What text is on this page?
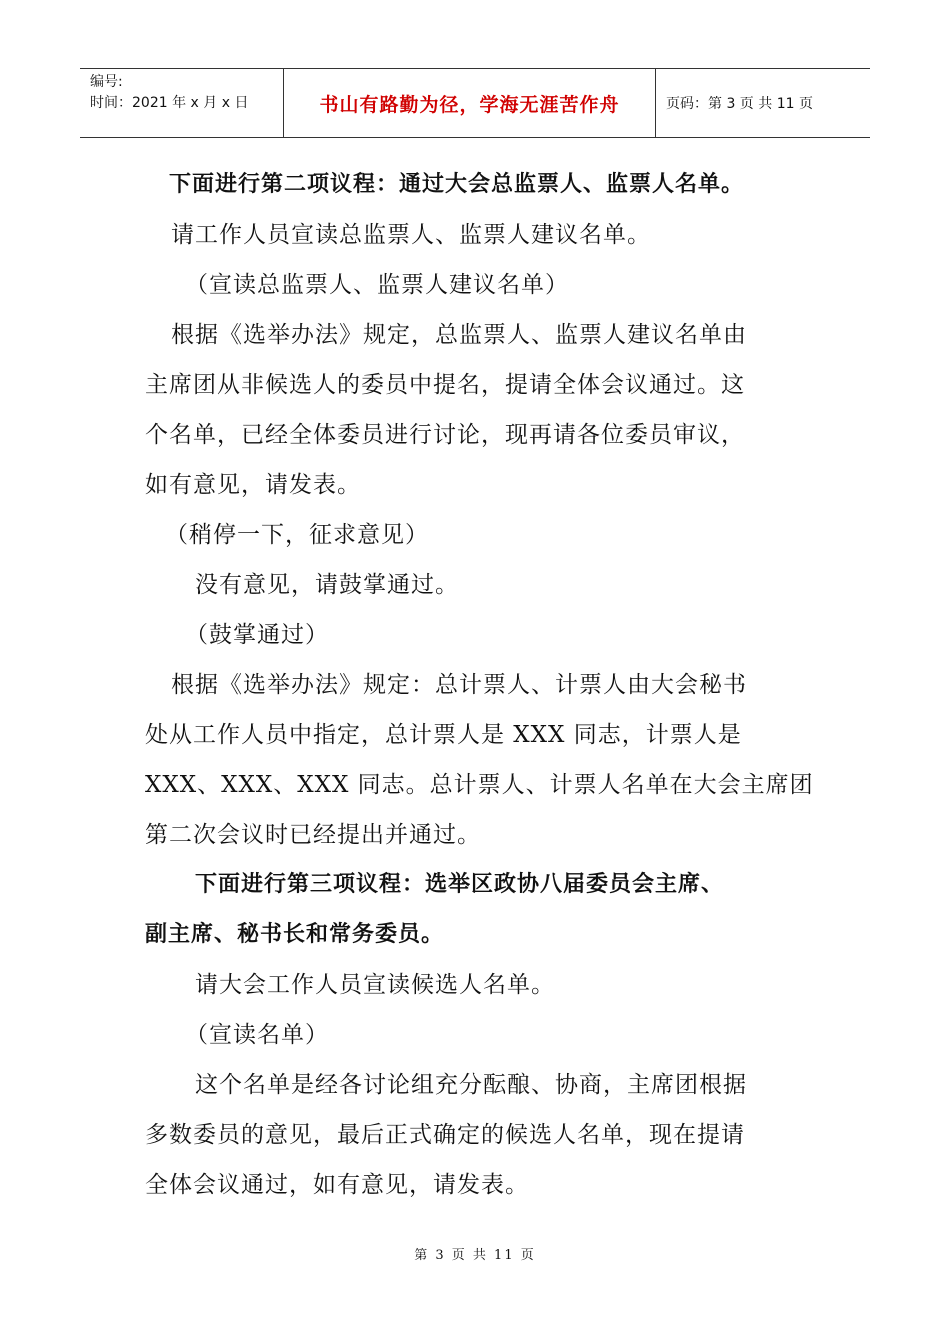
编号:
时间：2021 年 x 月 x 日	书山有路勤为径，学海无涯苦作舟	页码：第 3 页 共 11 页
下面进行第二项议程：通过大会总监票人、监票人名单。
请工作人员宣读总监票人、监票人建议名单。
（宣读总监票人、监票人建议名单）
根据《选举办法》规定，总监票人、监票人建议名单由
主席团从非候选人的委员中提名，提请全体会议通过。这
个名单，已经全体委员进行讨论，现再请各位委员审议，
如有意见，请发表。
（稍停一下，征求意见）
没有意见，请鼓掌通过。
（鼓掌通过）
根据《选举办法》规定：总计票人、计票人由大会秘书
处从工作人员中指定，总计票人是 XXX 同志，计票人是
XXX、XXX、XXX 同志。总计票人、计票人名单在大会主席团
第二次会议时已经提出并通过。
下面进行第三项议程：选举区政协八届委员会主席、
副主席、秘书长和常务委员。
请大会工作人员宣读候选人名单。
（宣读名单）
这个名单是经各讨论组充分酝酿、协商，主席团根据
多数委员的意见，最后正式确定的候选人名单，现在提请
全体会议通过，如有意见，请发表。
第 3 页 共 11 页
